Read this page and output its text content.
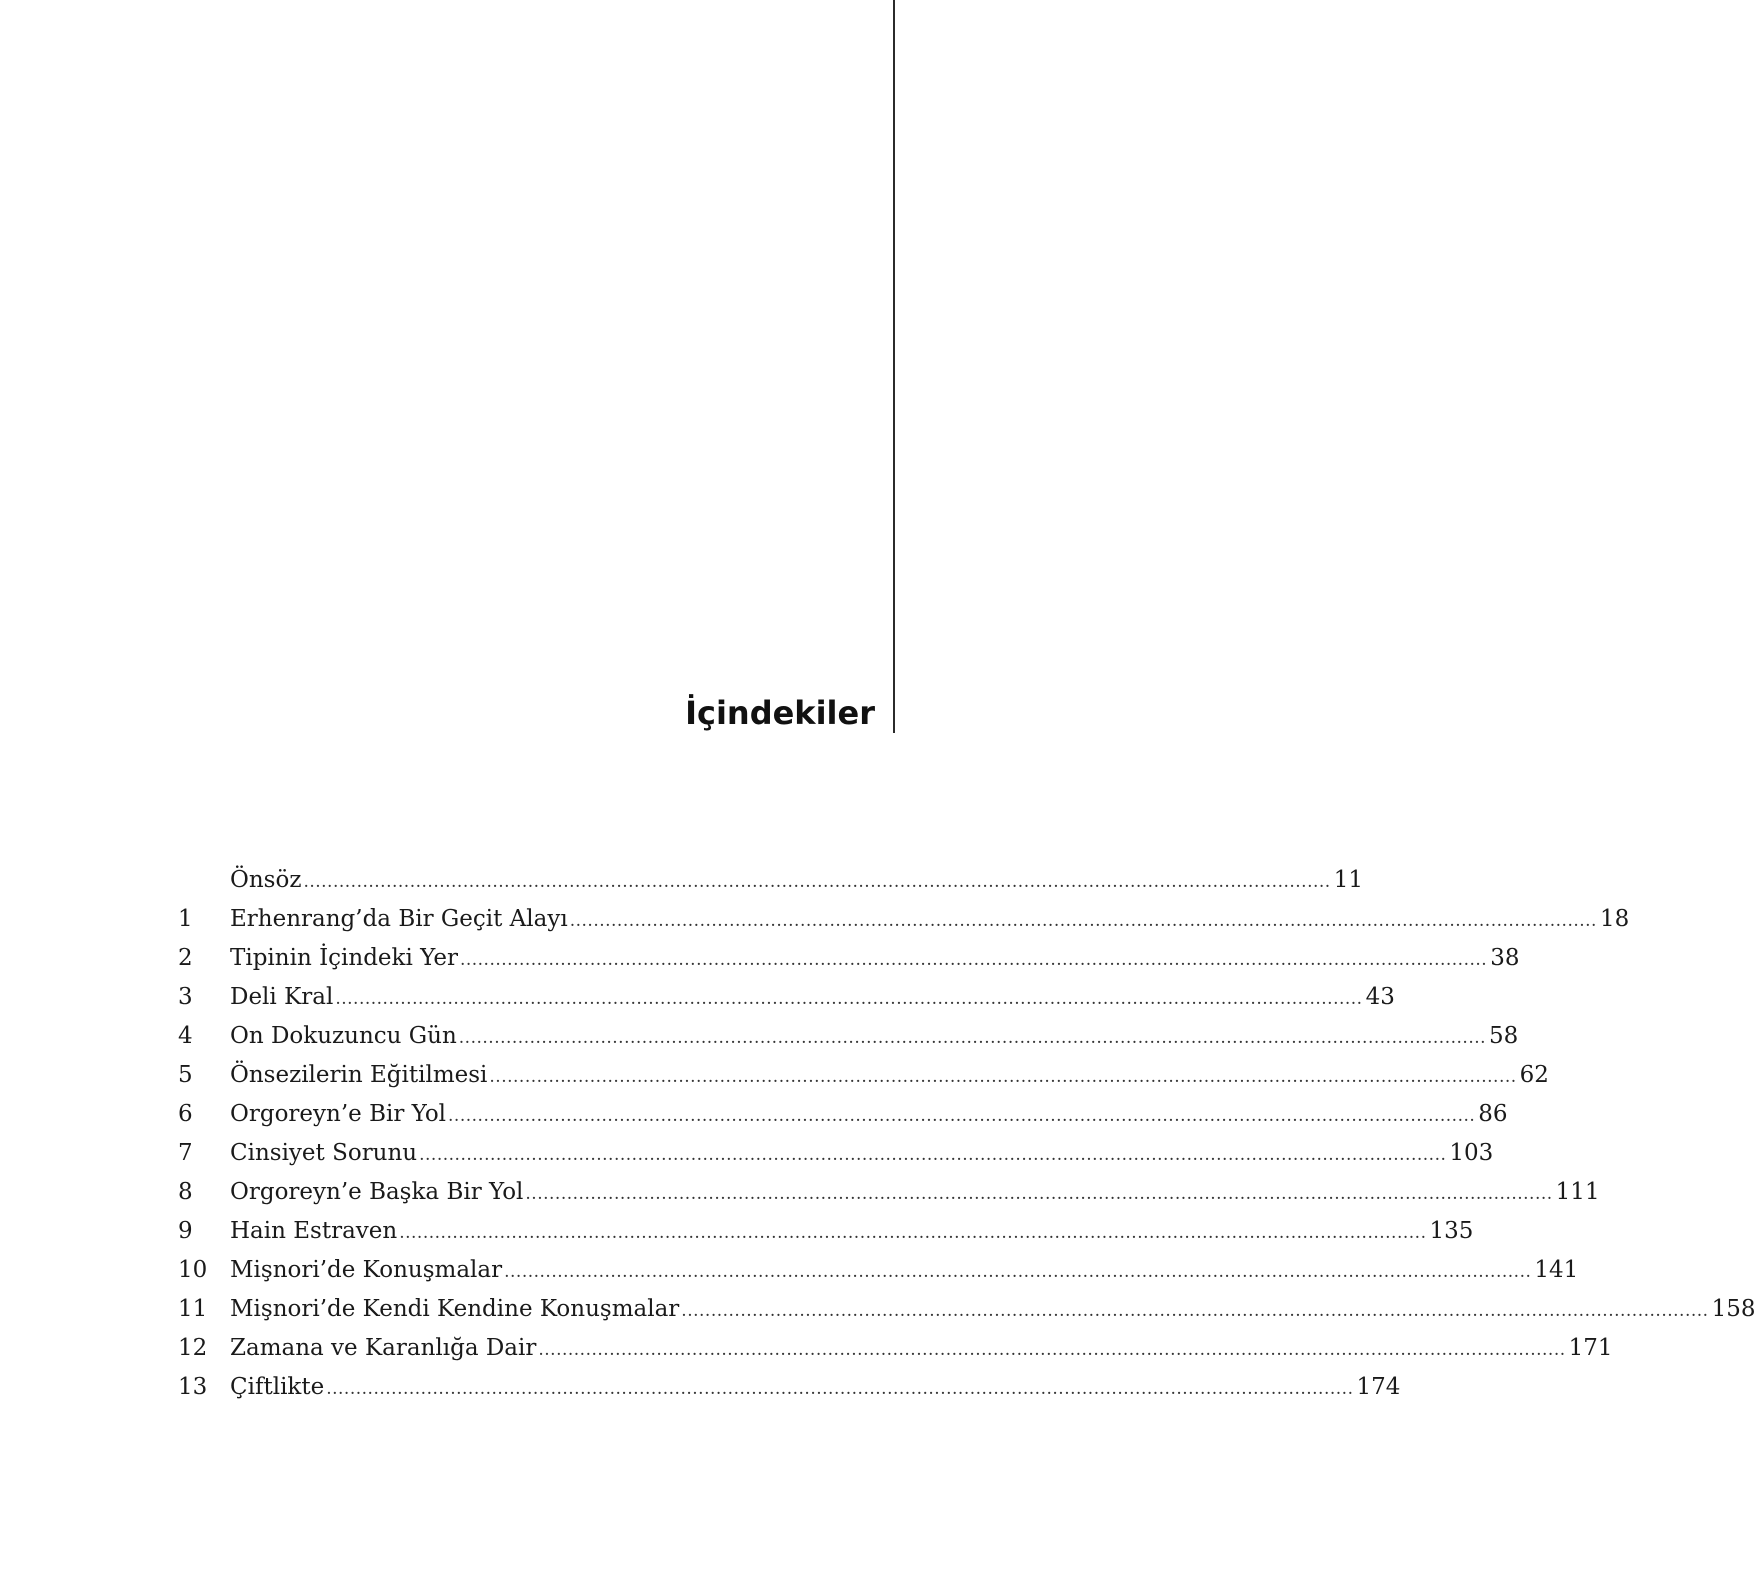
İçindekiler
Önsöz .............................................................................................................................................................................. 11
1	Erhenrang’da Bir Geçit Alayı .............................................................................................................................................................................. 18
2	Tipinin İçindeki Yer .............................................................................................................................................................................. 38
3	Deli Kral .............................................................................................................................................................................. 43
4	On Dokuzuncu Gün .............................................................................................................................................................................. 58
5	Önsezilerin Eğitilmesi .............................................................................................................................................................................. 62
6	Orgoreyn’e Bir Yol .............................................................................................................................................................................. 86
7	Cinsiyet Sorunu .............................................................................................................................................................................. 103
8	Orgoreyn’e Başka Bir Yol .............................................................................................................................................................................. 111
9	Hain Estraven .............................................................................................................................................................................. 135
10 Mişnori’de Konuşmalar .............................................................................................................................................................................. 141
11 Mişnori’de Kendi Kendine Konuşmalar .............................................................................................................................................................................. 158
12 Zamana ve Karanlığa Dair .............................................................................................................................................................................. 171
13 Çiftlikte .............................................................................................................................................................................. 174
